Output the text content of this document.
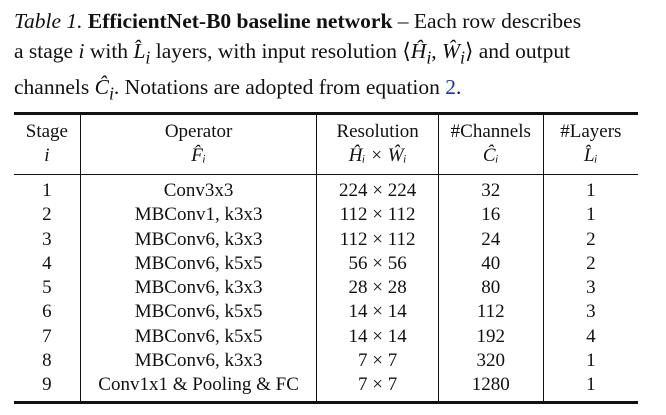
Table 1. EfficientNet-B0 baseline network – Each row describes
a stage i with $L̂_i$ layers, with input resolution $⟨Ĥ_i$, $Ŵ_i⟩$ and output
channels $Ĉ_i$. Notations are adopted from equation 2.
Stage	Operator	Resolution	#Channels	#Layers
i	F̂ᵢ	Ĥᵢ × Ŵᵢ	Ĉᵢ	L̂ᵢ
1	Conv3x3	224 × 224	32	1
2	MBConv1, k3x3	112 × 112	16	1
3	MBConv6, k3x3	112 × 112	24	2
4	MBConv6, k5x5	56 × 56	40	2
5	MBConv6, k3x3	28 × 28	80	3
6	MBConv6, k5x5	14 × 14	112	3
7	MBConv6, k5x5	14 × 14	192	4
8	MBConv6, k3x3	7 × 7	320	1
9	Conv1x1 & Pooling & FC	7 × 7	1280	1
